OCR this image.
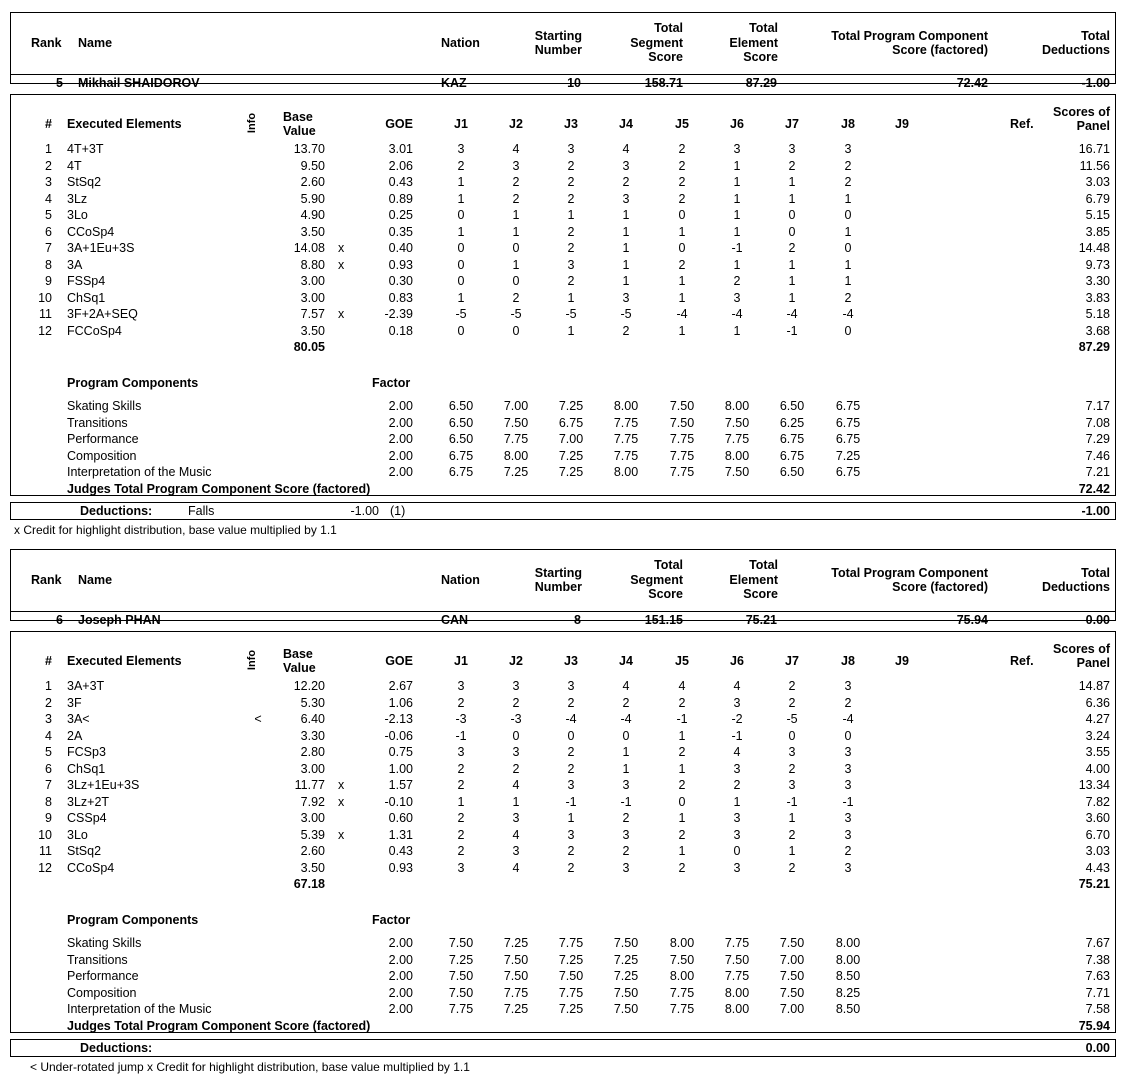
Rank Name	Nation	Starting
Number
Total	Total
Segment	Element
Score	Score
Total Program Component
Score (factored)
Total
Deductions
5 Mikhail SHAIDOROV	KAZ	10	158.71	87.29	72.42	-1.00
# Executed Elements	Info Base
Value	GOE	J1	J2	J3	J4	J5	J6	J7	J8	J9	Ref.
Scores of
Panel
1 4T+3T	13.70	3.01	3	4	3	4	2	3	3	3	16.71
2 4T	9.50	2.06	2	3	2	3	2	1	2	2	11.56
3 StSq2	2.60	0.43	1	2	2	2	2	1	1	2	3.03
4 3Lz	5.90	0.89	1	2	2	3	2	1	1	1	6.79
5 3Lo	4.90	0.25	0	1	1	1	0	1	0	0	5.15
6 CCoSp4	3.50	0.35	1	1	2	1	1	1	0	1	3.85
7 3A+1Eu+3S	14.08 x	0.40	0	0	2	1	0	-1	2	0	14.48
8 3A	8.80 x	0.93	0	1	3	1	2	1	1	1	9.73
9 FSSp4	3.00	0.30	0	0	2	1	1	2	1	1	3.30
10 ChSq1	3.00	0.83	1	2	1	3	1	3	1	2	3.83
11 3F+2A+SEQ	7.57 x	-2.39	-5	-5	-5	-5	-4	-4	-4	-4	5.18
12 FCCoSp4	3.50	0.18	0	0	1	2	1	1	-1	0	3.68
80.05	87.29
Program Components	Factor
Skating Skills	2.00	6.50	7.00	7.25	8.00	7.50	8.00	6.50	6.75	7.17
Transitions	2.00	6.50	7.50	6.75	7.75	7.50	7.50	6.25	6.75	7.08
Performance	2.00	6.50	7.75	7.00	7.75	7.75	7.75	6.75	6.75	7.29
Composition	2.00	6.75	8.00	7.25	7.75	7.75	8.00	6.75	7.25	7.46
Interpretation of the Music	2.00	6.75	7.25	7.25	8.00	7.75	7.50	6.50	6.75	7.21
Judges Total Program Component Score (factored)	72.42
Deductions:	Falls	-1.00 (1)	-1.00
x Credit for highlight distribution, base value multiplied by 1.1
Rank Name	Nation	Starting
Number
Total	Total
Segment	Element
Score	Score
Total Program Component
Score (factored)
Total
Deductions
6 Joseph PHAN	CAN	8	151.15	75.21	75.94	0.00
# Executed Elements	Info Base
Value	GOE	J1	J2	J3	J4	J5	J6	J7	J8	J9	Ref.
Scores of
Panel
1 3A+3T	12.20	2.67	3	3	3	4	4	4	2	3	14.87
2 3F	5.30	1.06	2	2	2	2	2	3	2	2	6.36
3 3A<	<	6.40	-2.13	-3	-3	-4	-4	-1	-2	-5	-4	4.27
4 2A	3.30	-0.06	-1	0	0	0	1	-1	0	0	3.24
5 FCSp3	2.80	0.75	3	3	2	1	2	4	3	3	3.55
6 ChSq1	3.00	1.00	2	2	2	1	1	3	2	3	4.00
7 3Lz+1Eu+3S	11.77 x	1.57	2	4	3	3	2	2	3	3	13.34
8 3Lz+2T	7.92 x	-0.10	1	1	-1	-1	0	1	-1	-1	7.82
9 CSSp4	3.00	0.60	2	3	1	2	1	3	1	3	3.60
10 3Lo	5.39 x	1.31	2	4	3	3	2	3	2	3	6.70
11 StSq2	2.60	0.43	2	3	2	2	1	0	1	2	3.03
12 CCoSp4	3.50	0.93	3	4	2	3	2	3	2	3	4.43
67.18	75.21
Program Components	Factor
Skating Skills	2.00	7.50	7.25	7.75	7.50	8.00	7.75	7.50	8.00	7.67
Transitions	2.00	7.25	7.50	7.25	7.25	7.50	7.50	7.00	8.00	7.38
Performance	2.00	7.50	7.50	7.50	7.25	8.00	7.75	7.50	8.50	7.63
Composition	2.00	7.50	7.75	7.75	7.50	7.75	8.00	7.50	8.25	7.71
Interpretation of the Music	2.00	7.75	7.25	7.25	7.50	7.75	8.00	7.00	8.50	7.58
Judges Total Program Component Score (factored)	75.94
Deductions:	0.00
< Under-rotated jump x Credit for highlight distribution, base value multiplied by 1.1
